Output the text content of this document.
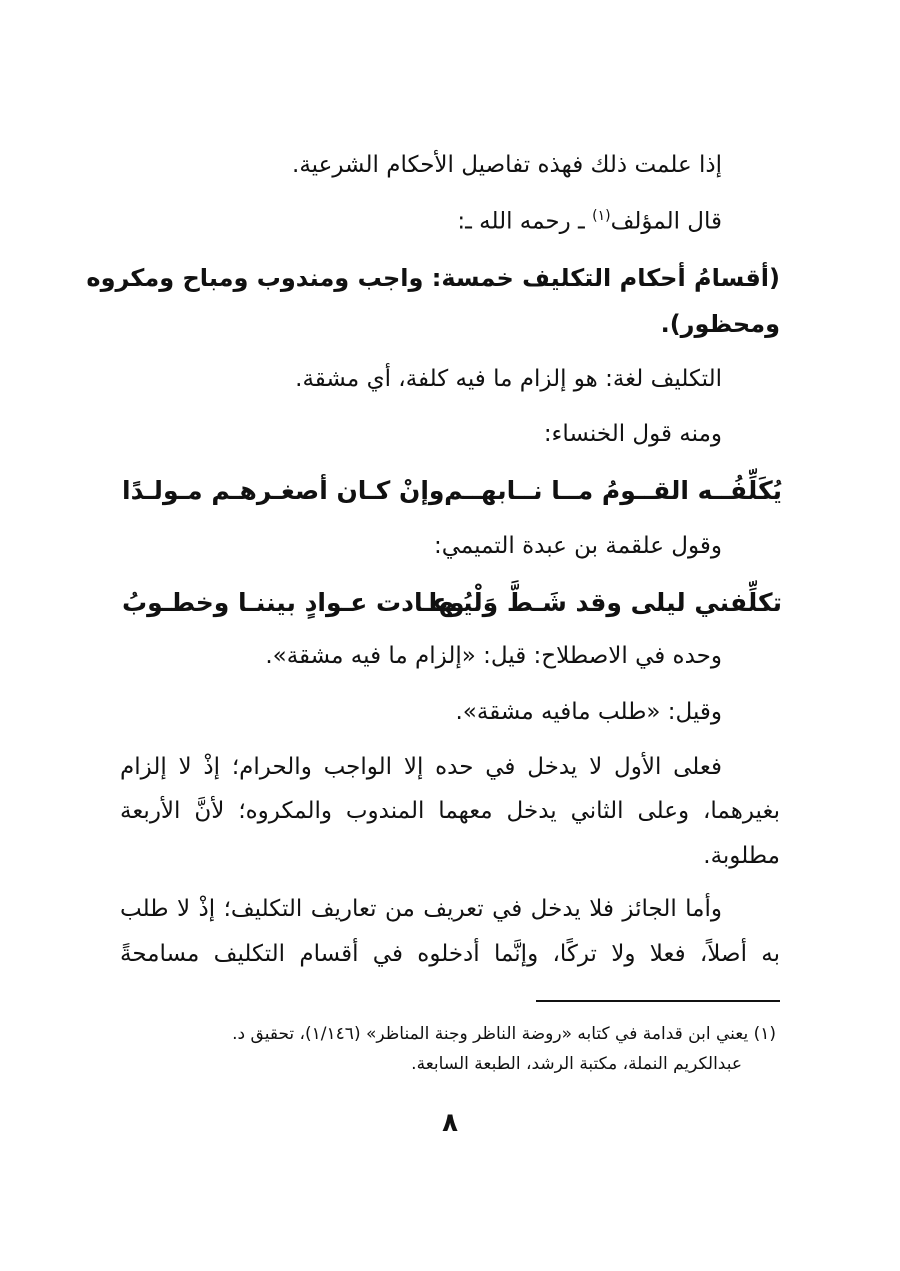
إذا علمت ذلك فهذه تفاصيل الأحكام الشرعية.
قال المؤلف$^{(١)}$ ـ رحمه الله ـ:
(أقسامُ أحكام التكليف خمسة: واجب ومندوب ومباح ومكروه
ومحظور).
التكليف لغة: هو إلزام ما فيه كلفة، أي مشقة.
ومنه قول الخنساء:
يُكَلِّفُــه القــومُ مــا نــابهــم
وإنْ كـان أصغـرهـم مـولـدًا
وقول علقمة بن عبدة التميمي:
تكلِّفني ليلى وقد شَـطَّ وَلْيُـها
وعـادت عـوادٍ بيننـا وخطـوبُ
وحده في الاصطلاح: قيل: «إلزام ما فيه مشقة».
وقيل: «طلب مافيه مشقة».
فعلى الأول لا يدخل في حده إلا الواجب والحرام؛ إذْ لا إلزام
بغيرهما، وعلى الثاني يدخل معهما المندوب والمكروه؛ لأنَّ الأربعة
مطلوبة.
وأما الجائز فلا يدخل في تعريف من تعاريف التكليف؛ إذْ لا طلب
به أصلاً، فعلا ولا تركًا، وإنَّما أدخلوه في أقسام التكليف مسامحةً
(١) يعني ابن قدامة في كتابه «روضة الناظر وجنة المناظر» (١/١٤٦)، تحقيق د.
عبدالكريم النملة، مكتبة الرشد، الطبعة السابعة.
٨
